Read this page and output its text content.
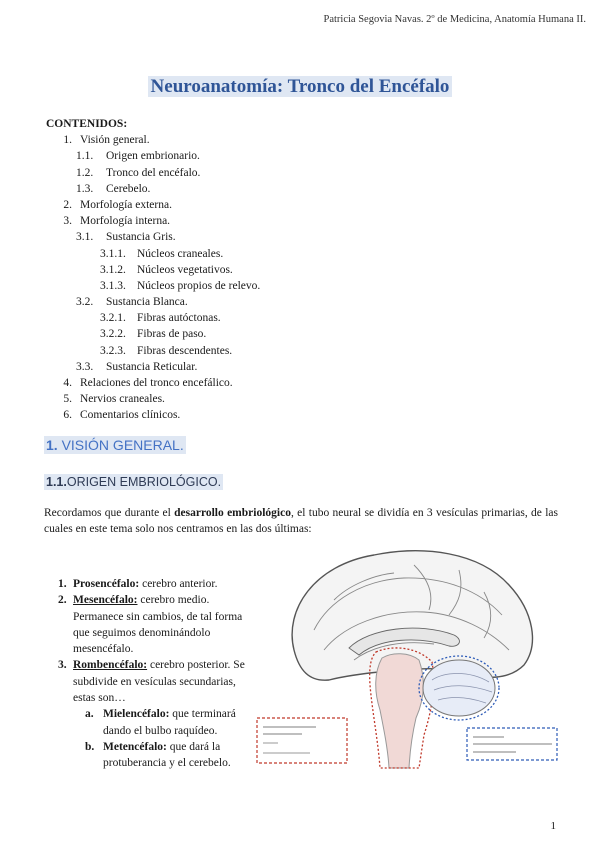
Patricia Segovia Navas. 2º de Medicina, Anatomía Humana II.
Neuroanatomía: Tronco del Encéfalo
CONTENIDOS:
1. Visión general.
1.1. Origen embrionario.
1.2. Tronco del encéfalo.
1.3. Cerebelo.
2. Morfología externa.
3. Morfología interna.
3.1. Sustancia Gris.
3.1.1. Núcleos craneales.
3.1.2. Núcleos vegetativos.
3.1.3. Núcleos propios de relevo.
3.2. Sustancia Blanca.
3.2.1. Fibras autóctonas.
3.2.2. Fibras de paso.
3.2.3. Fibras descendentes.
3.3. Sustancia Reticular.
4. Relaciones del tronco encefálico.
5. Nervios craneales.
6. Comentarios clínicos.
1. VISIÓN GENERAL.
1.1.ORIGEN EMBRIOLÓGICO.
Recordamos que durante el desarrollo embriológico, el tubo neural se dividía en 3 vesículas primarias, de las cuales en este tema solo nos centramos en las dos últimas:
1. Prosencéfalo: cerebro anterior.
2. Mesencéfalo: cerebro medio. Permanece sin cambios, de tal forma que seguimos denominándolo mesencéfalo.
3. Rombencéfalo: cerebro posterior. Se subdivide en vesículas secundarias, estas son…
a. Mielencéfalo: que terminará dando el bulbo raquídeo.
b. Metencéfalo: que dará la protuberancia y el cerebelo.
1
